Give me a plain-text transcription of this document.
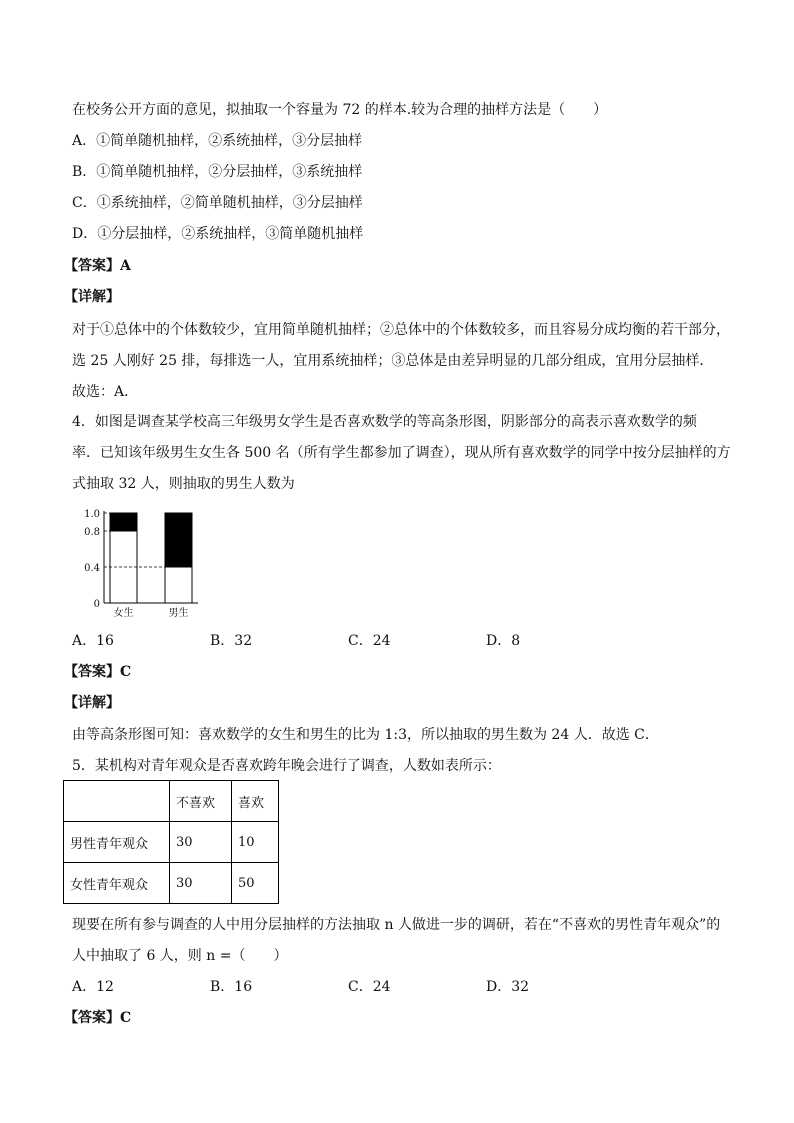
在校务公开方面的意见，拟抽取一个容量为 72 的样本.较为合理的抽样方法是（　　）
A．①简单随机抽样，②系统抽样，③分层抽样
B．①简单随机抽样，②分层抽样，③系统抽样
C．①系统抽样，②简单随机抽样，③分层抽样
D．①分层抽样，②系统抽样，③简单随机抽样
【答案】A
【详解】
对于①总体中的个体数较少，宜用简单随机抽样；②总体中的个体数较多，而且容易分成均衡的若干部分，
选 25 人刚好 25 排，每排选一人，宜用系统抽样；③总体是由差异明显的几部分组成，宜用分层抽样．
故选：A．
4．如图是调查某学校高三年级男女学生是否喜欢数学的等高条形图，阴影部分的高表示喜欢数学的频
率．已知该年级男生女生各 500 名（所有学生都参加了调查），现从所有喜欢数学的同学中按分层抽样的方
式抽取 32 人，则抽取的男生人数为
0
0.4
0.8
1.0
女生	男生
A．16	B．32	C．24	D．8
【答案】C
【详解】
由等高条形图可知：喜欢数学的女生和男生的比为 1:3，所以抽取的男生数为 24 人．故选 C．
5．某机构对青年观众是否喜欢跨年晚会进行了调查，人数如表所示：
	不喜欢	喜欢
男性青年观众	30	10
女性青年观众	30	50
现要在所有参与调查的人中用分层抽样的方法抽取 n 人做进一步的调研，若在“不喜欢的男性青年观众”的
人中抽取了 6 人，则 n =（　　）
A．12	B．16	C．24	D．32
【答案】C
